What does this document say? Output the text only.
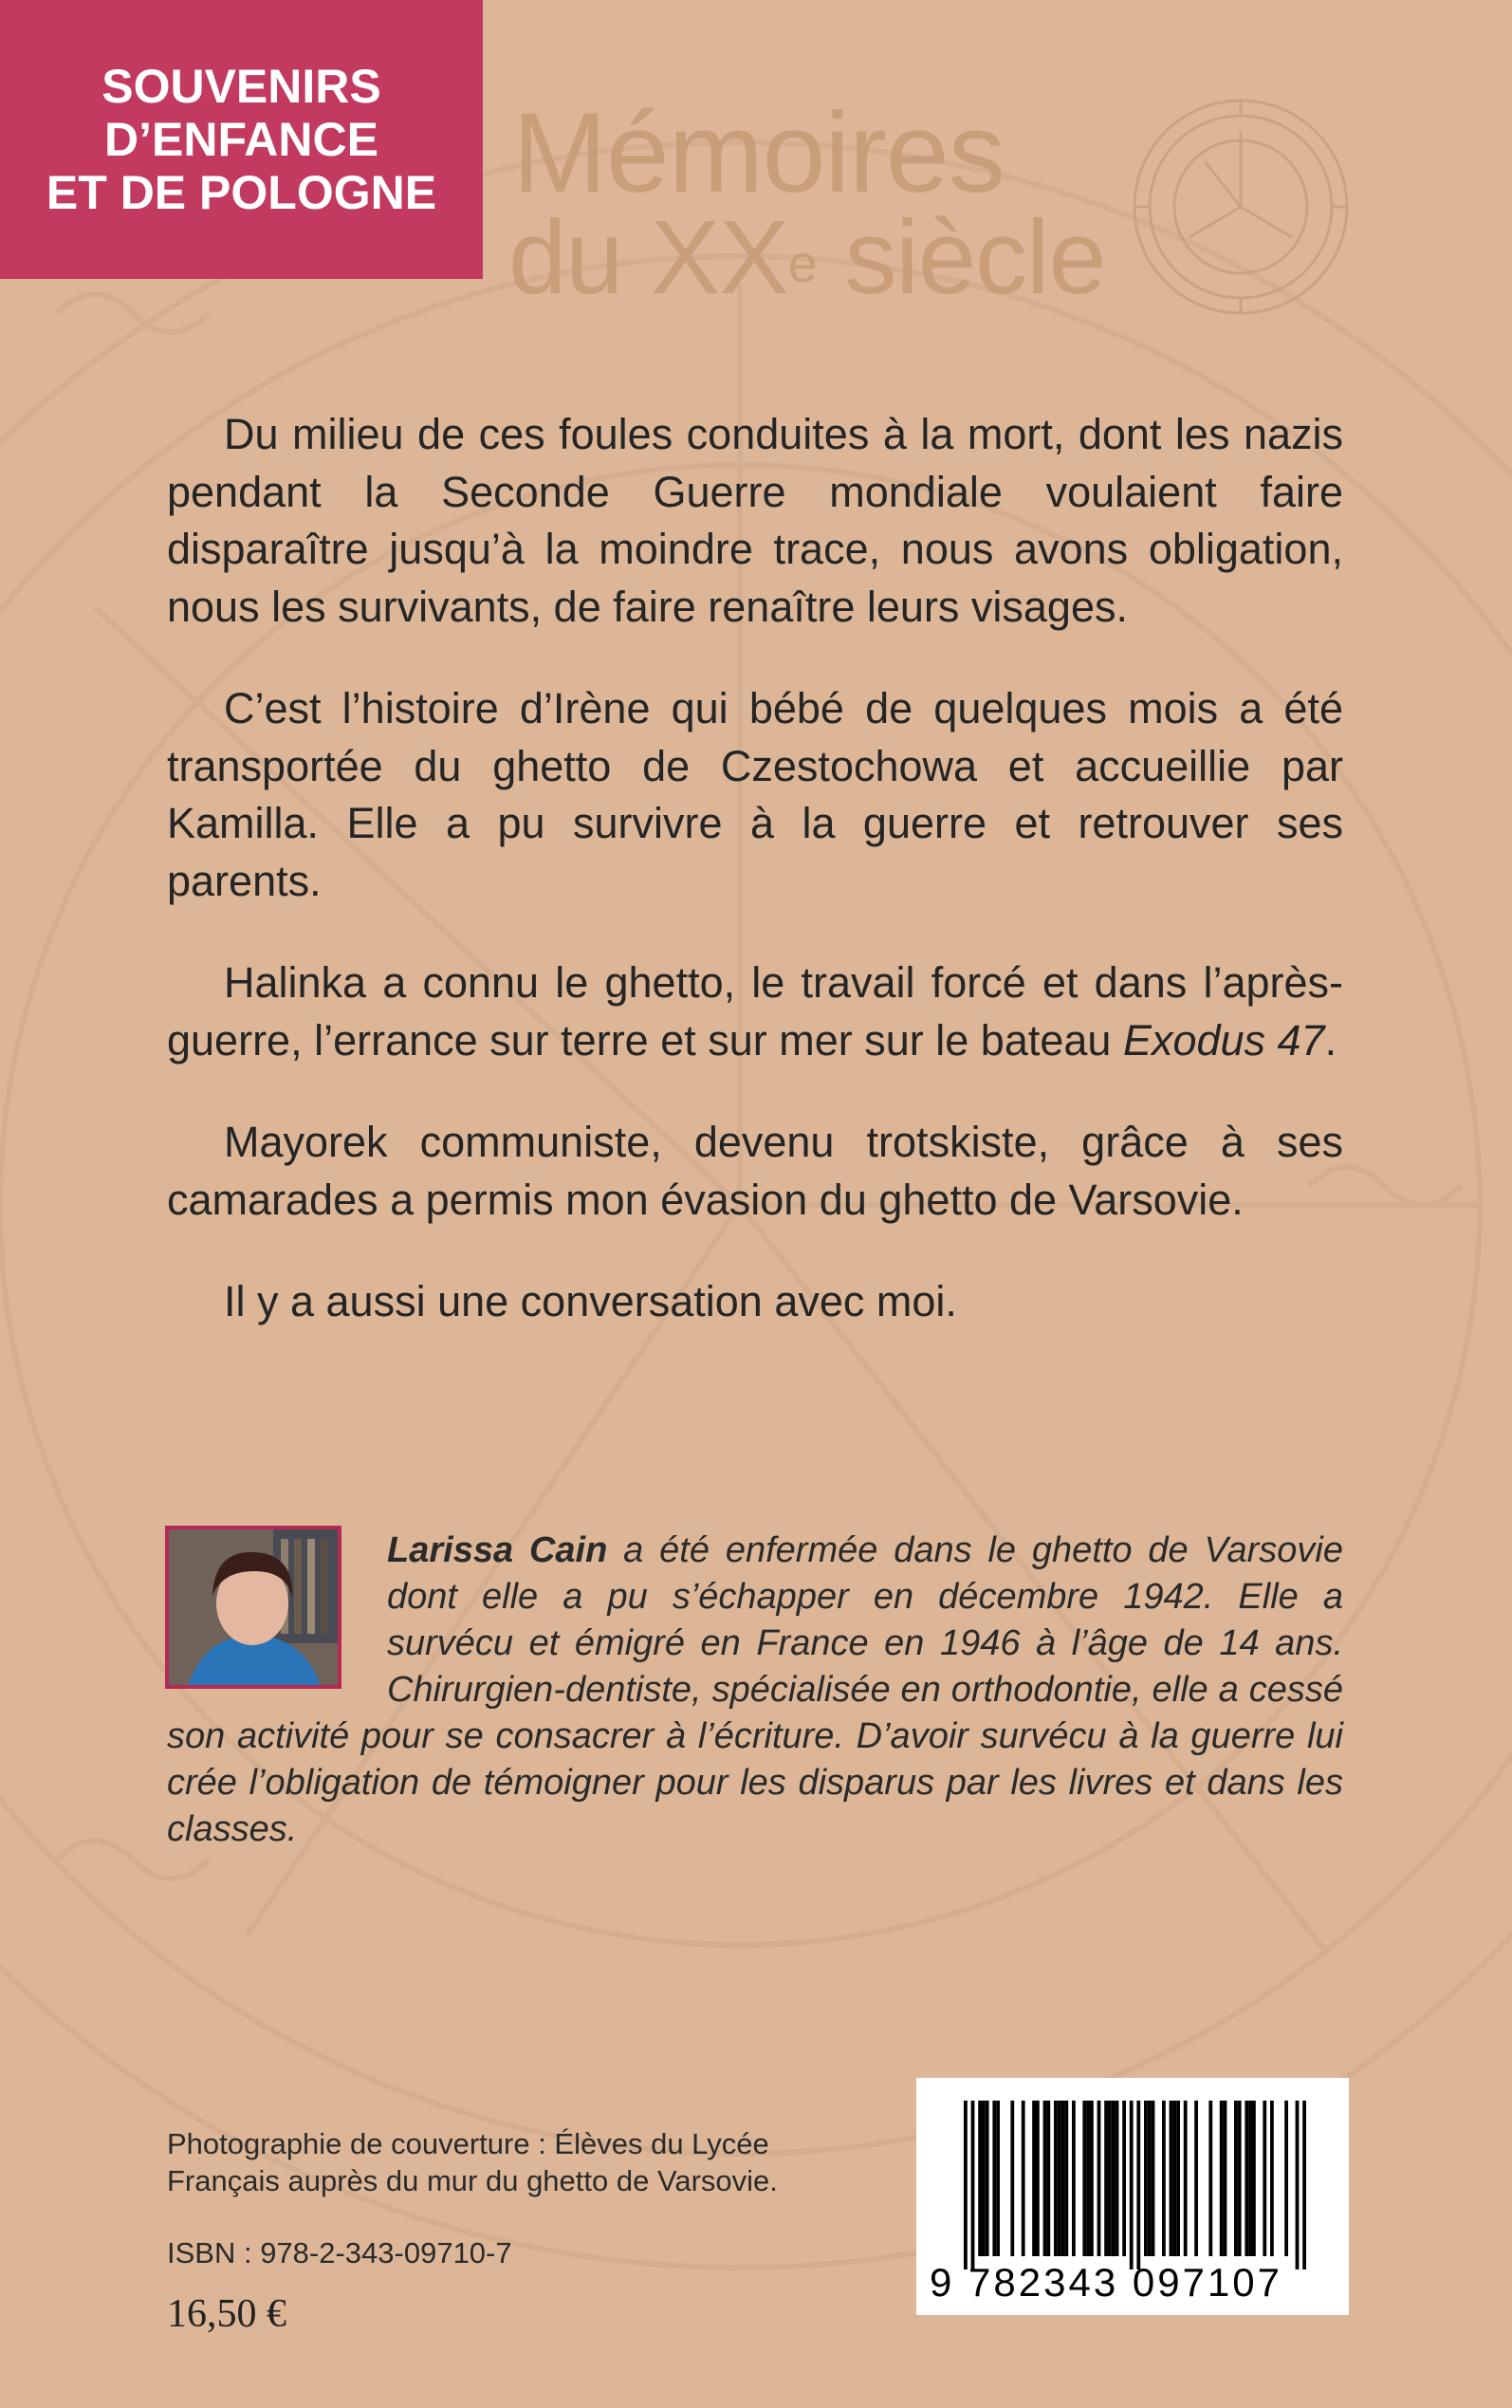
SOUVENIRS
D’ENFANCE
ET DE POLOGNE Mémoires
du XXe siècle

Du milieu de ces foules conduites à la mort, dont les nazis pendant la Seconde Guerre mondiale voulaient faire disparaître jusqu’à la moindre trace, nous avons obligation, nous les survivants, de faire renaître leurs visages.

C’est l’histoire d’Irène qui bébé de quelques mois a été transportée du ghetto de Czestochowa et accueillie par Kamilla. Elle a pu survivre à la guerre et retrouver ses parents.

Halinka a connu le ghetto, le travail forcé et dans l’après-guerre, l’errance sur terre et sur mer sur le bateau Exodus 47.

Mayorek communiste, devenu trotskiste, grâce à ses camarades a permis mon évasion du ghetto de Varsovie.

Il y a aussi une conversation avec moi.

Larissa Cain a été enfermée dans le ghetto de Varsovie dont elle a pu s’échapper en décembre 1942. Elle a survécu et émigré en France en 1946 à l’âge de 14 ans. Chirurgien-dentiste, spécialisée en orthodontie, elle a cessé son activité pour se consacrer à l’écriture. D’avoir survécu à la guerre lui crée l’obligation de témoigner pour les disparus par les livres et dans les classes.
Photographie de couverture : Élèves du Lycée
Français auprès du mur du ghetto de Varsovie.
ISBN : 978-2-343-09710-7
16,50 €
9 782343 097107
